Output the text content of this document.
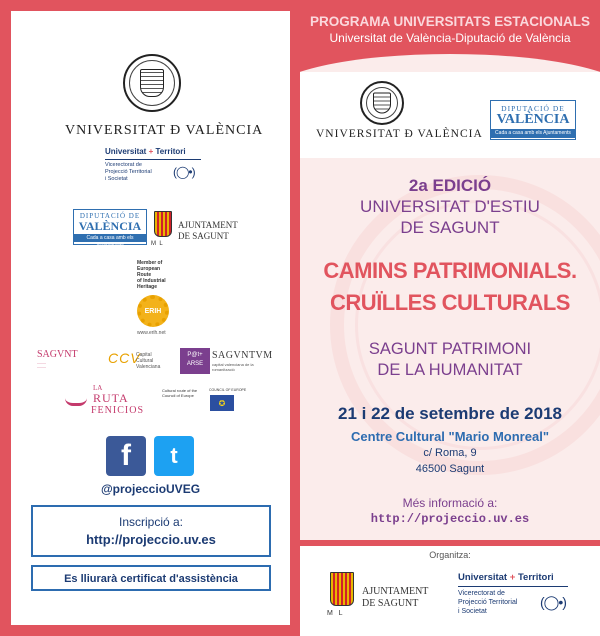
VNIVERSITAT Ð VALÈNCIA
Universitat + Territori
Vicerectorat de
Projecció Territorial
i Societat	(◯•)
DIPUTACIÓ DE
VALÈNCIA
Cada a casa amb els Ajuntaments	M  L
AJUNTAMENT
DE SAGUNT
Member of
European
Route
of Industrial
Heritage
ERIH
www.erih.net
SAGVNT
———
———
CCV
Capital
Cultural
Valenciana
P@t+
ARSE
SAGVNTVM
capital valenciana de la romanització
LA
RUTA
FENICIOS
Cultural route of the Council of Europe
✪
COUNCIL OF EUROPE
f t
@projeccioUVEG
Inscripció a:
http://projeccio.uv.es
Es lliurarà certificat d'assistència
PROGRAMA UNIVERSITATS ESTACIONALS
Universitat de València-Diputació de València
VNIVERSITAT Ð VALÈNCIA
DIPUTACIÓ DE
VALÈNCIA
Cada a casa amb els Ajuntaments
2a EDICIÓ
UNIVERSITAT D'ESTIU
DE SAGUNT
CAMINS PATRIMONIALS.
CRUÏLLES CULTURALS
SAGUNT PATRIMONI
DE LA HUMANITAT
21 i 22 de setembre de 2018
Centre Cultural "Mario Monreal"
c/ Roma, 9
46500 Sagunt
Més informació a:
http://projeccio.uv.es
Organitza:
M   L
AJUNTAMENT
DE SAGUNT
Universitat + Territori
Vicerectorat de
Projecció Territorial
i Societat
(◯•)
